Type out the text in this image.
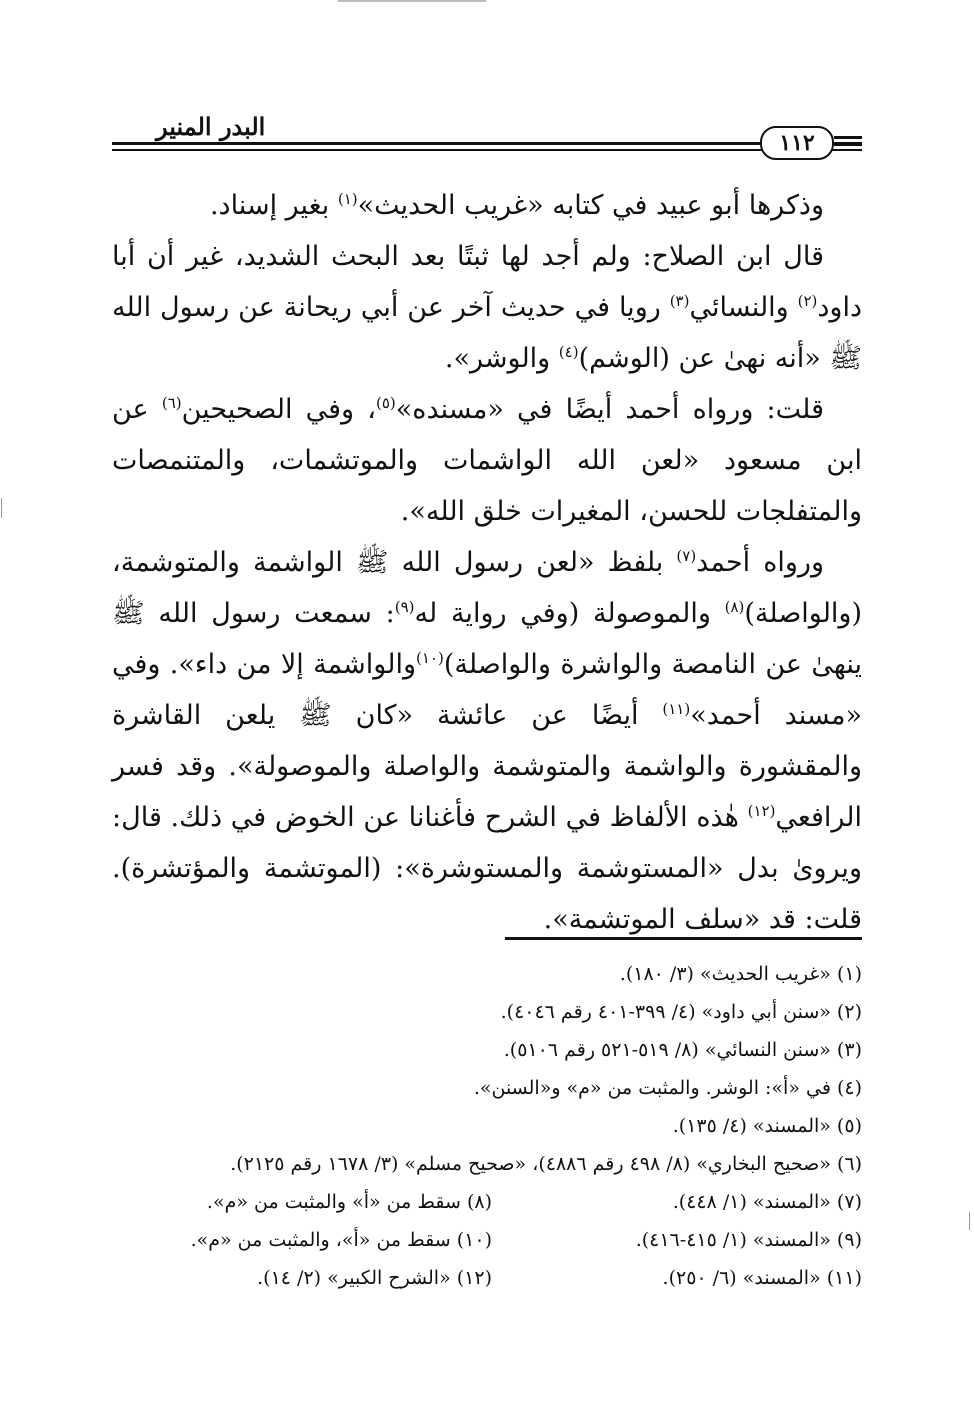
البدر المنير
١١٢

وذكرها أبو عبيد في كتابه «غريب الحديث»$^{(١)}$ بغير إسناد.

قال ابن الصلاح: ولم أجد لها ثبتًا بعد البحث الشديد، غير أن أبا داود$^{(٢)}$ والنسائي$^{(٣)}$ رويا في حديث آخر عن أبي ريحانة عن رسول الله ﷺ «أنه نهىٰ عن (الوشم)$^{(٤)}$ والوشر».

قلت: ورواه أحمد أيضًا في «مسنده»$^{(٥)}$، وفي الصحيحين$^{(٦)}$ عن ابن مسعود «لعن الله الواشمات والموتشمات، والمتنمصات والمتفلجات للحسن، المغيرات خلق الله».

ورواه أحمد$^{(٧)}$ بلفظ «لعن رسول الله ﷺ الواشمة والمتوشمة، (والواصلة)$^{(٨)}$ والموصولة (وفي رواية له$^{(٩)}$: سمعت رسول الله ﷺ ينهىٰ عن النامصة والواشرة والواصلة)$^{(١٠)}$والواشمة إلا من داء». وفي «مسند أحمد»$^{(١١)}$ أيضًا عن عائشة «كان ﷺ يلعن القاشرة والمقشورة والواشمة والمتوشمة والواصلة والموصولة». وقد فسر الرافعي$^{(١٢)}$ هٰذه الألفاظ في الشرح فأغنانا عن الخوض في ذلك. قال: ويروىٰ بدل «المستوشمة والمستوشرة»: (الموتشمة والمؤتشرة). قلت: قد «سلف الموتشمة».

(١) «غريب الحديث» (٣/ ١٨٠).
(٢) «سنن أبي داود» (٤/ ٣٩٩-٤٠١ رقم ٤٠٤٦).
(٣) «سنن النسائي» (٨/ ٥١٩-٥٢١ رقم ٥١٠٦).
(٤) في «أ»: الوشر. والمثبت من «م» و«السنن».
(٥) «المسند» (٤/ ١٣٥).
(٦) «صحيح البخاري» (٨/ ٤٩٨ رقم ٤٨٨٦)، «صحيح مسلم» (٣/ ١٦٧٨ رقم ٢١٢٥).
(٧) «المسند» (١/ ٤٤٨).
(٨) سقط من «أ» والمثبت من «م».
(٩) «المسند» (١/ ٤١٥-٤١٦).
(١٠) سقط من «أ»، والمثبت من «م».
(١١) «المسند» (٦/ ٢٥٠).
(١٢) «الشرح الكبير» (٢/ ١٤).
